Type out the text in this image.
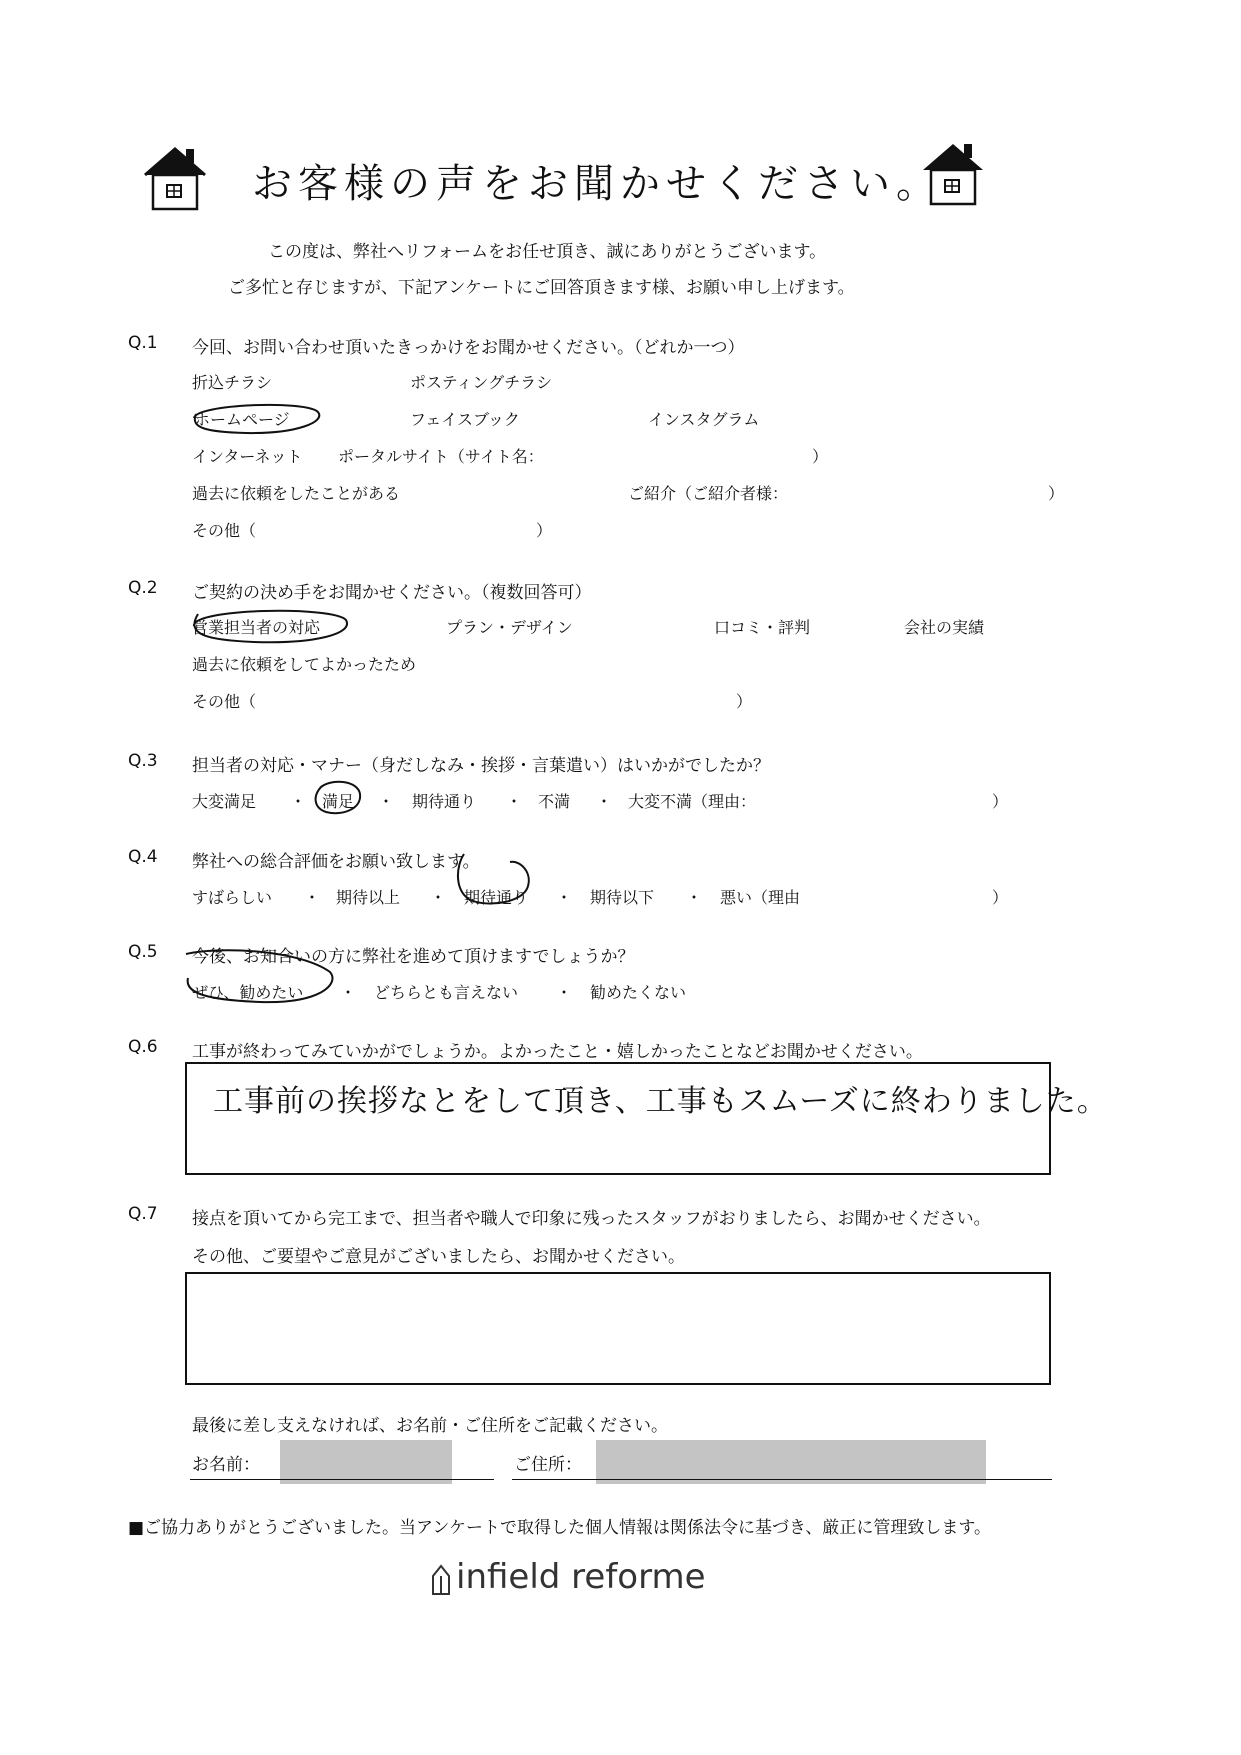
お客様の声をお聞かせください。
この度は、弊社へリフォームをお任せ頂き、誠にありがとうございます。
ご多忙と存じますが、下記アンケートにご回答頂きます様、お願い申し上げます。
Q.1 今回、お問い合わせ頂いたきっかけをお聞かせください。（どれか一つ）
折込チラシ	ポスティングチラシ
ホームページ	フェイスブック	インスタグラム
インターネット ポータルサイト（サイト名：	）
過去に依頼をしたことがある	ご紹介（ご紹介者様：	）
その他（	）
Q.2 ご契約の決め手をお聞かせください。（複数回答可）
営業担当者の対応	プラン・デザイン	口コミ・評判	会社の実績
過去に依頼をしてよかったため
その他（	）
Q.3 担当者の対応・マナー（身だしなみ・挨拶・言葉遣い）はいかがでしたか？
大変満足 ・ 満足 ・ 期待通り ・ 不満 ・ 大変不満（理由：	）
Q.4 弊社への総合評価をお願い致します。
すばらしい ・ 期待以上 ・ 期待通り ・ 期待以下 ・ 悪い（理由	）
Q.5 今後、お知合いの方に弊社を進めて頂けますでしょうか？
ぜひ、勧めたい ・ どちらとも言えない ・ 勧めたくない
Q.6 工事が終わってみていかがでしょうか。よかったこと・嬉しかったことなどお聞かせください。
工事前の挨拶なとをして頂き、工事もスムーズに終わりました。
Q.7 接点を頂いてから完工まで、担当者や職人で印象に残ったスタッフがおりましたら、お聞かせください。
その他、ご要望やご意見がございましたら、お聞かせください。
最後に差し支えなければ、お名前・ご住所をご記載ください。
お名前：	ご住所：
■ご協力ありがとうございました。当アンケートで取得した個人情報は関係法令に基づき、厳正に管理致します。
infield reforme
